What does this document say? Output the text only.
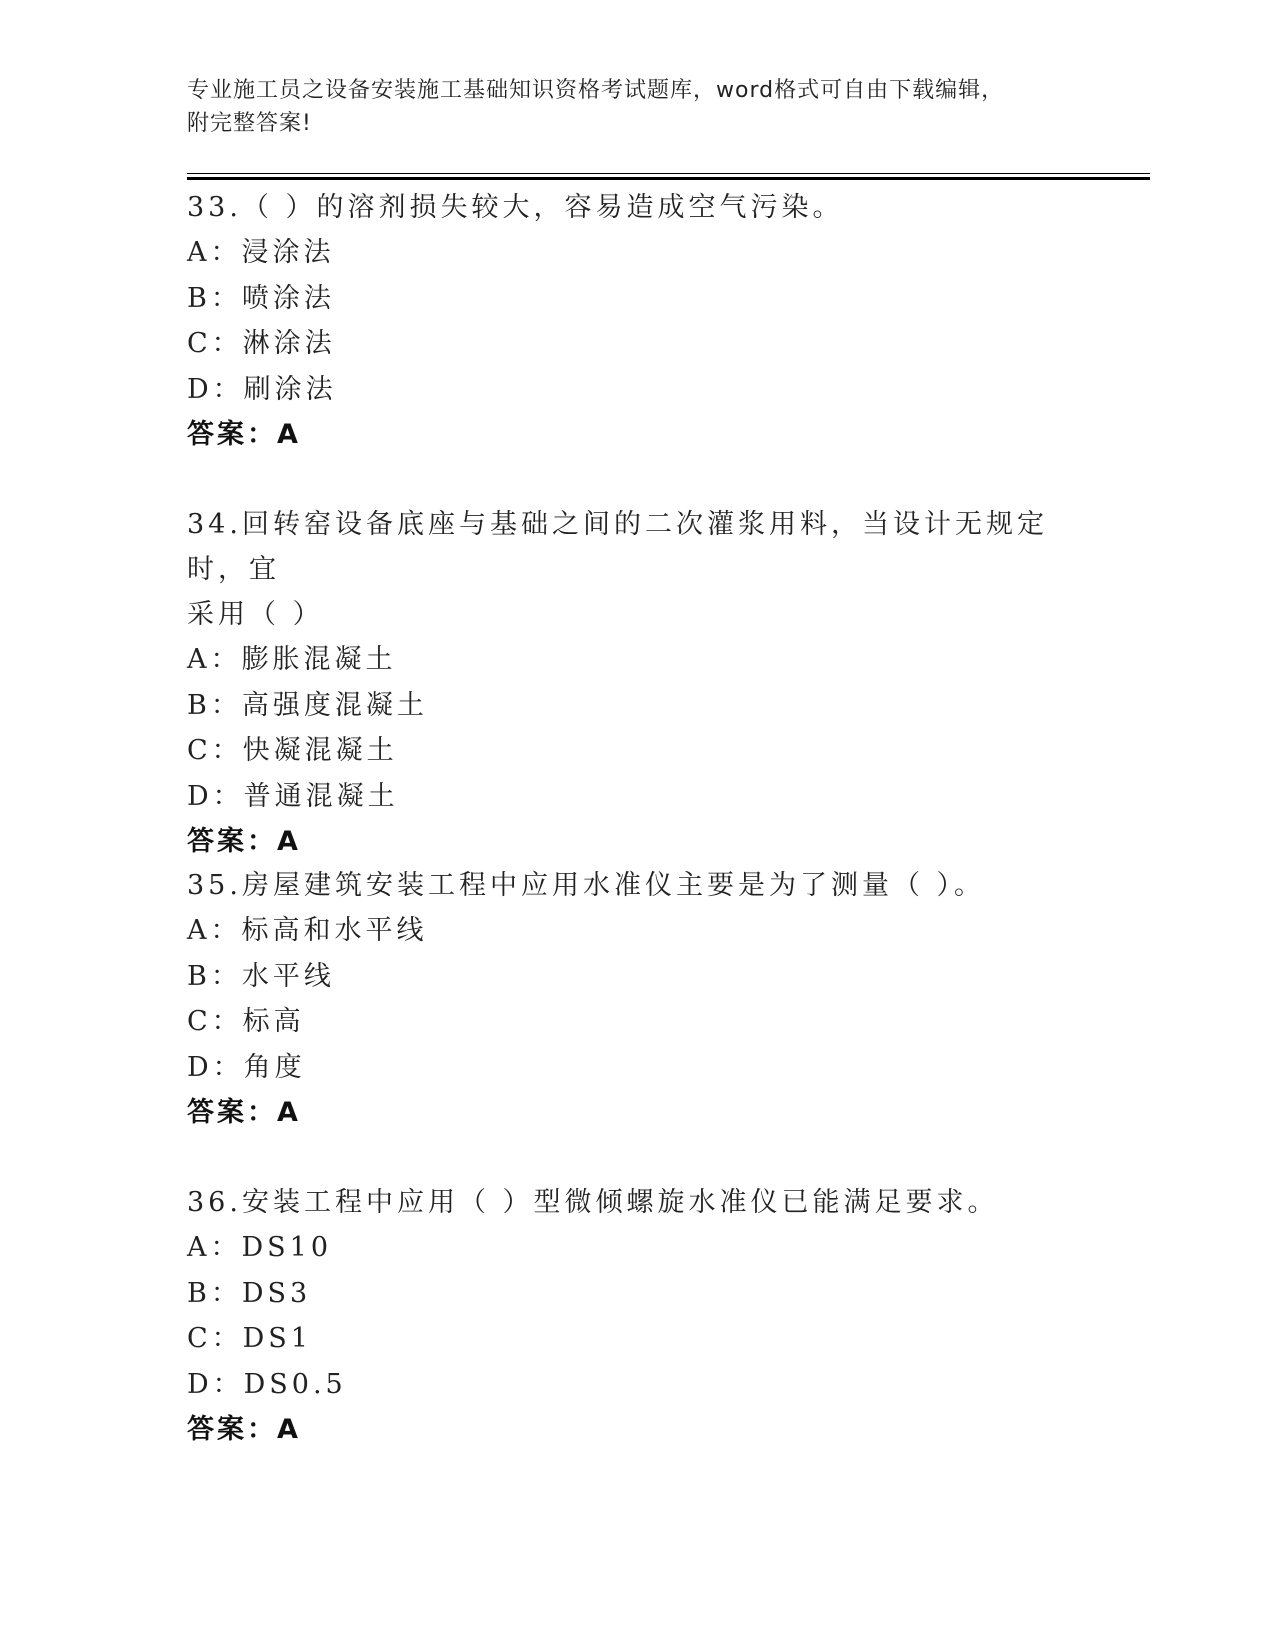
专业施工员之设备安装施工基础知识资格考试题库，word格式可自由下载编辑，
附完整答案!
33.（ ）的溶剂损失较大，容易造成空气污染。
A：浸涂法
B：喷涂法
C：淋涂法
D：刷涂法
答案：A
34.回转窑设备底座与基础之间的二次灌浆用料，当设计无规定时，宜
采用（ ）
A：膨胀混凝土
B：高强度混凝土
C：快凝混凝土
D：普通混凝土
答案：A
35.房屋建筑安装工程中应用水准仪主要是为了测量（ ）。
A：标高和水平线
B：水平线
C：标高
D：角度
答案：A
36.安装工程中应用（ ）型微倾螺旋水准仪已能满足要求。
A：DS10
B：DS3
C：DS1
D：DS0.5
答案：A
